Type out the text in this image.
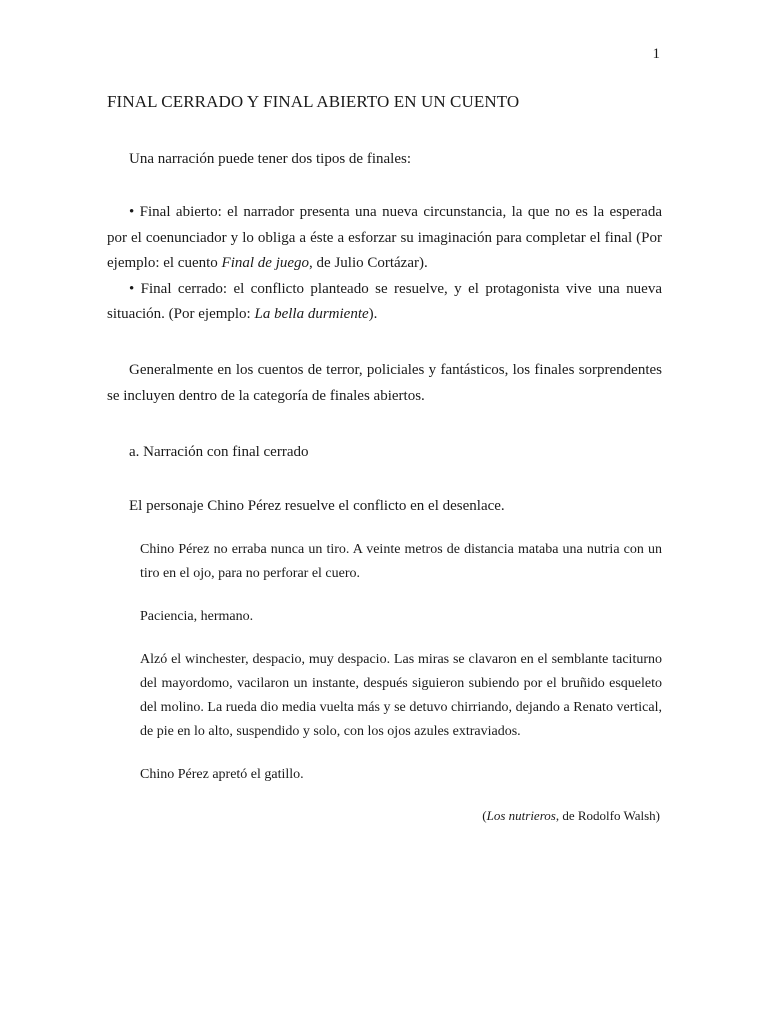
1
FINAL CERRADO Y FINAL ABIERTO EN UN CUENTO

Una narración puede tener dos tipos de finales:

• Final abierto: el narrador presenta una nueva circunstancia, la que no es la esperada por el coenunciador y lo obliga a éste a esforzar su imaginación para completar el final (Por ejemplo: el cuento Final de juego, de Julio Cortázar).
• Final cerrado: el conflicto planteado se resuelve, y el protagonista vive una nueva situación. (Por ejemplo: La bella durmiente).

Generalmente en los cuentos de terror, policiales y fantásticos, los finales sorprendentes se incluyen dentro de la categoría de finales abiertos.

a. Narración con final cerrado

El personaje Chino Pérez resuelve el conflicto en el desenlace.

Chino Pérez no erraba nunca un tiro. A veinte metros de distancia mataba una nutria con un tiro en el ojo, para no perforar el cuero.

Paciencia, hermano.

Alzó el winchester, despacio, muy despacio. Las miras se clavaron en el semblante taciturno del mayordomo, vacilaron un instante, después siguieron subiendo por el bruñido esqueleto del molino. La rueda dio media vuelta más y se detuvo chirriando, dejando a Renato vertical, de pie en lo alto, suspendido y solo, con los ojos azules extraviados.

Chino Pérez apretó el gatillo.

(Los nutrieros, de Rodolfo Walsh)
